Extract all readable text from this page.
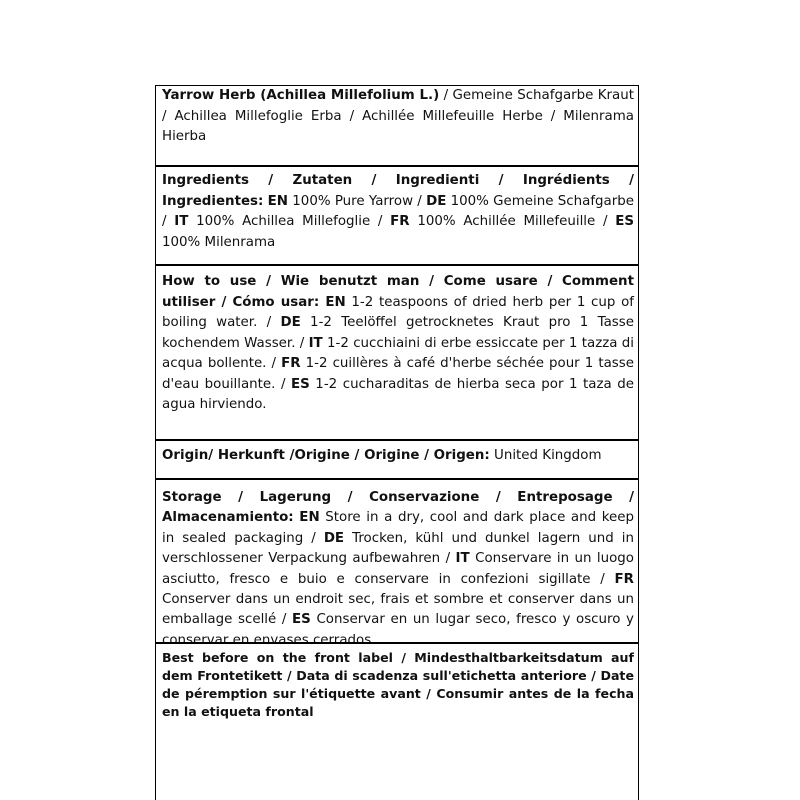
Yarrow Herb (Achillea Millefolium L.) / Gemeine Schafgarbe Kraut / Achillea Millefoglie Erba / Achillée Millefeuille Herbe / Milenrama Hierba
Ingredients / Zutaten / Ingredienti / Ingrédients / Ingredientes: EN 100% Pure Yarrow / DE 100% Gemeine Schafgarbe / IT 100% Achillea Millefoglie / FR 100% Achillée Millefeuille / ES 100% Milenrama
How to use / Wie benutzt man / Come usare / Comment utiliser / Cómo usar: EN 1-2 teaspoons of dried herb per 1 cup of boiling water. / DE 1-2 Teelöffel getrocknetes Kraut pro 1 Tasse kochendem Wasser. / IT 1-2 cucchiaini di erbe essiccate per 1 tazza di acqua bollente. / FR 1-2 cuillères à café d'herbe séchée pour 1 tasse d'eau bouillante. / ES 1-2 cucharaditas de hierba seca por 1 taza de agua hirviendo.
Origin/ Herkunft /Origine / Origine / Origen: United Kingdom
Storage / Lagerung / Conservazione / Entreposage / Almacenamiento: EN Store in a dry, cool and dark place and keep in sealed packaging / DE Trocken, kühl und dunkel lagern und in verschlossener Verpackung aufbewahren / IT Conservare in un luogo asciutto, fresco e buio e conservare in confezioni sigillate / FR Conserver dans un endroit sec, frais et sombre et conserver dans un emballage scellé / ES Conservar en un lugar seco, fresco y oscuro y conservar en envases cerrados
Best before on the front label / Mindesthaltbarkeitsdatum auf dem Frontetikett / Data di scadenza sull'etichetta anteriore / Date de péremption sur l'étiquette avant / Consumir antes de la fecha en la etiqueta frontal
